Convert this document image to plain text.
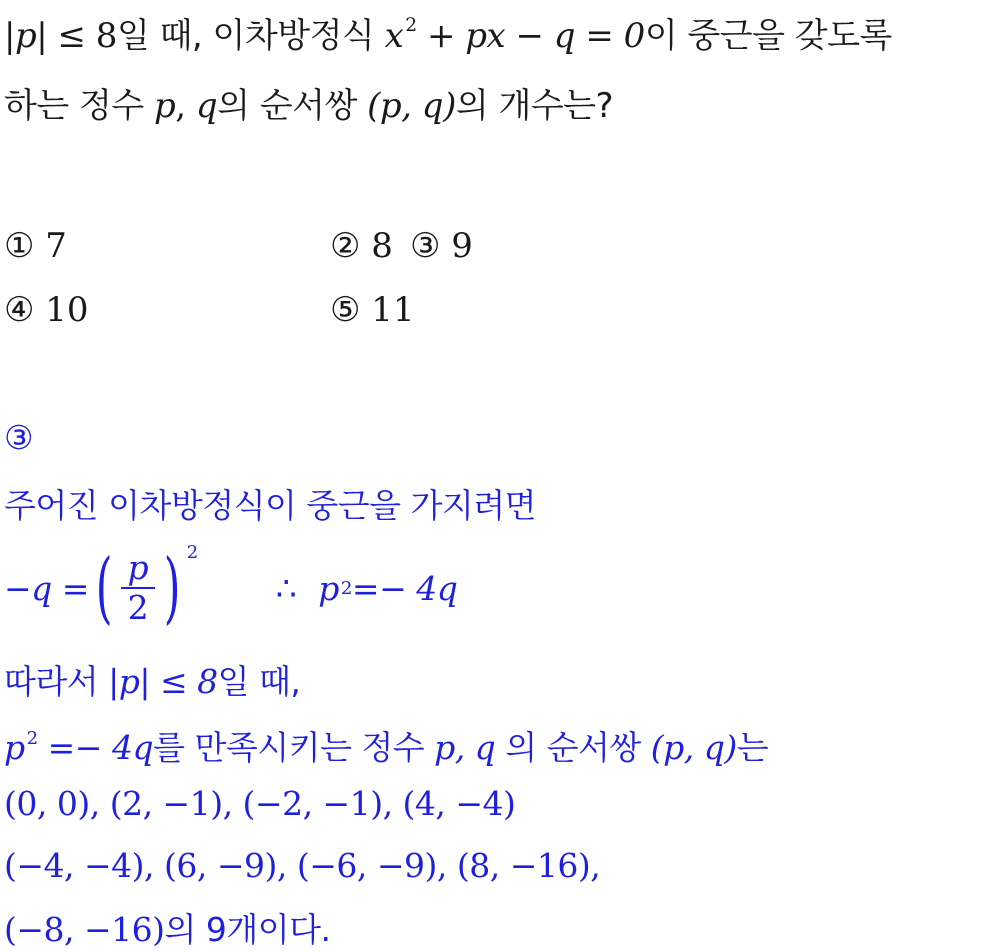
|p| ≤ 8일 때, 이차방정식 x $^2$ + px − q = 0이 중근을 갖도록
하는 정수 p, q의 순서쌍 (p, q)의 개수는?
① 7	② 8 ③ 9
④ 10	⑤ 11
③
주어진 이차방정식이 중근을 가지려면
−q = ( $\frac{p}{2}$ ) 2
∴ p 2 =− 4q
따라서 |p| ≤ 8일 때,
p $^2$ =− 4q를 만족시키는 정수 p, q 의 순서쌍 (p, q)는
(0, 0), (2, −1), (−2, −1), (4, −4)
(−4, −4), (6, −9), (−6, −9), (8, −16),
(−8, −16)의 9개이다.
